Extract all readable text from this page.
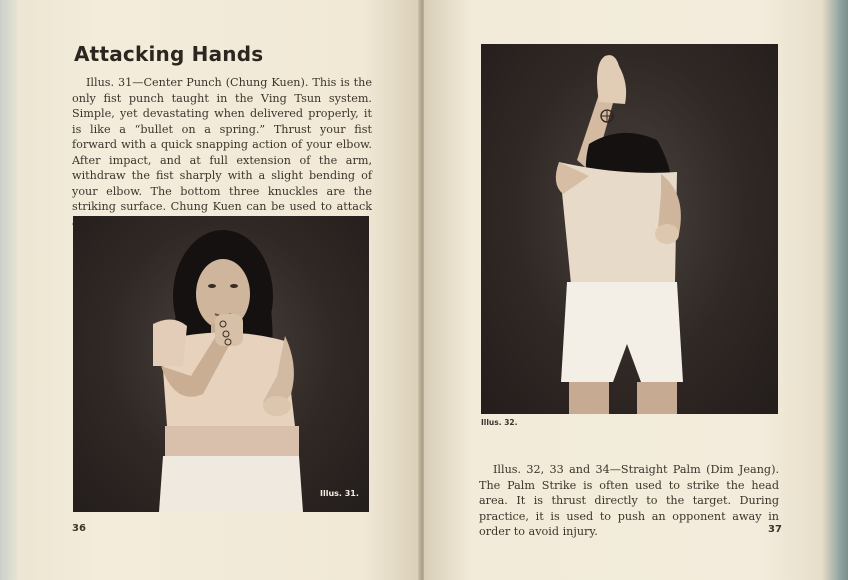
Attacking Hands

Illus. 31—Center Punch (Chung Kuen). This is the only fist punch taught in the Ving Tsun system. Simple, yet devastating when delivered properly, it is like a “bullet on a spring.” Thrust your fist forward with a quick snapping action of your elbow. After impact, and at full extension of the arm, withdraw the fist sharply with a slight bending of your elbow. The bottom three knuckles are the striking surface. Chung Kuen can be used to attack

Illus. 31.
36
Illus. 32.

Illus. 32, 33 and 34—Straight Palm (Dim Jeang). The Palm Strike is often used to strike the head area. It is thrust directly to the target. During practice, it is used to push an opponent away in order to avoid injury.	37
